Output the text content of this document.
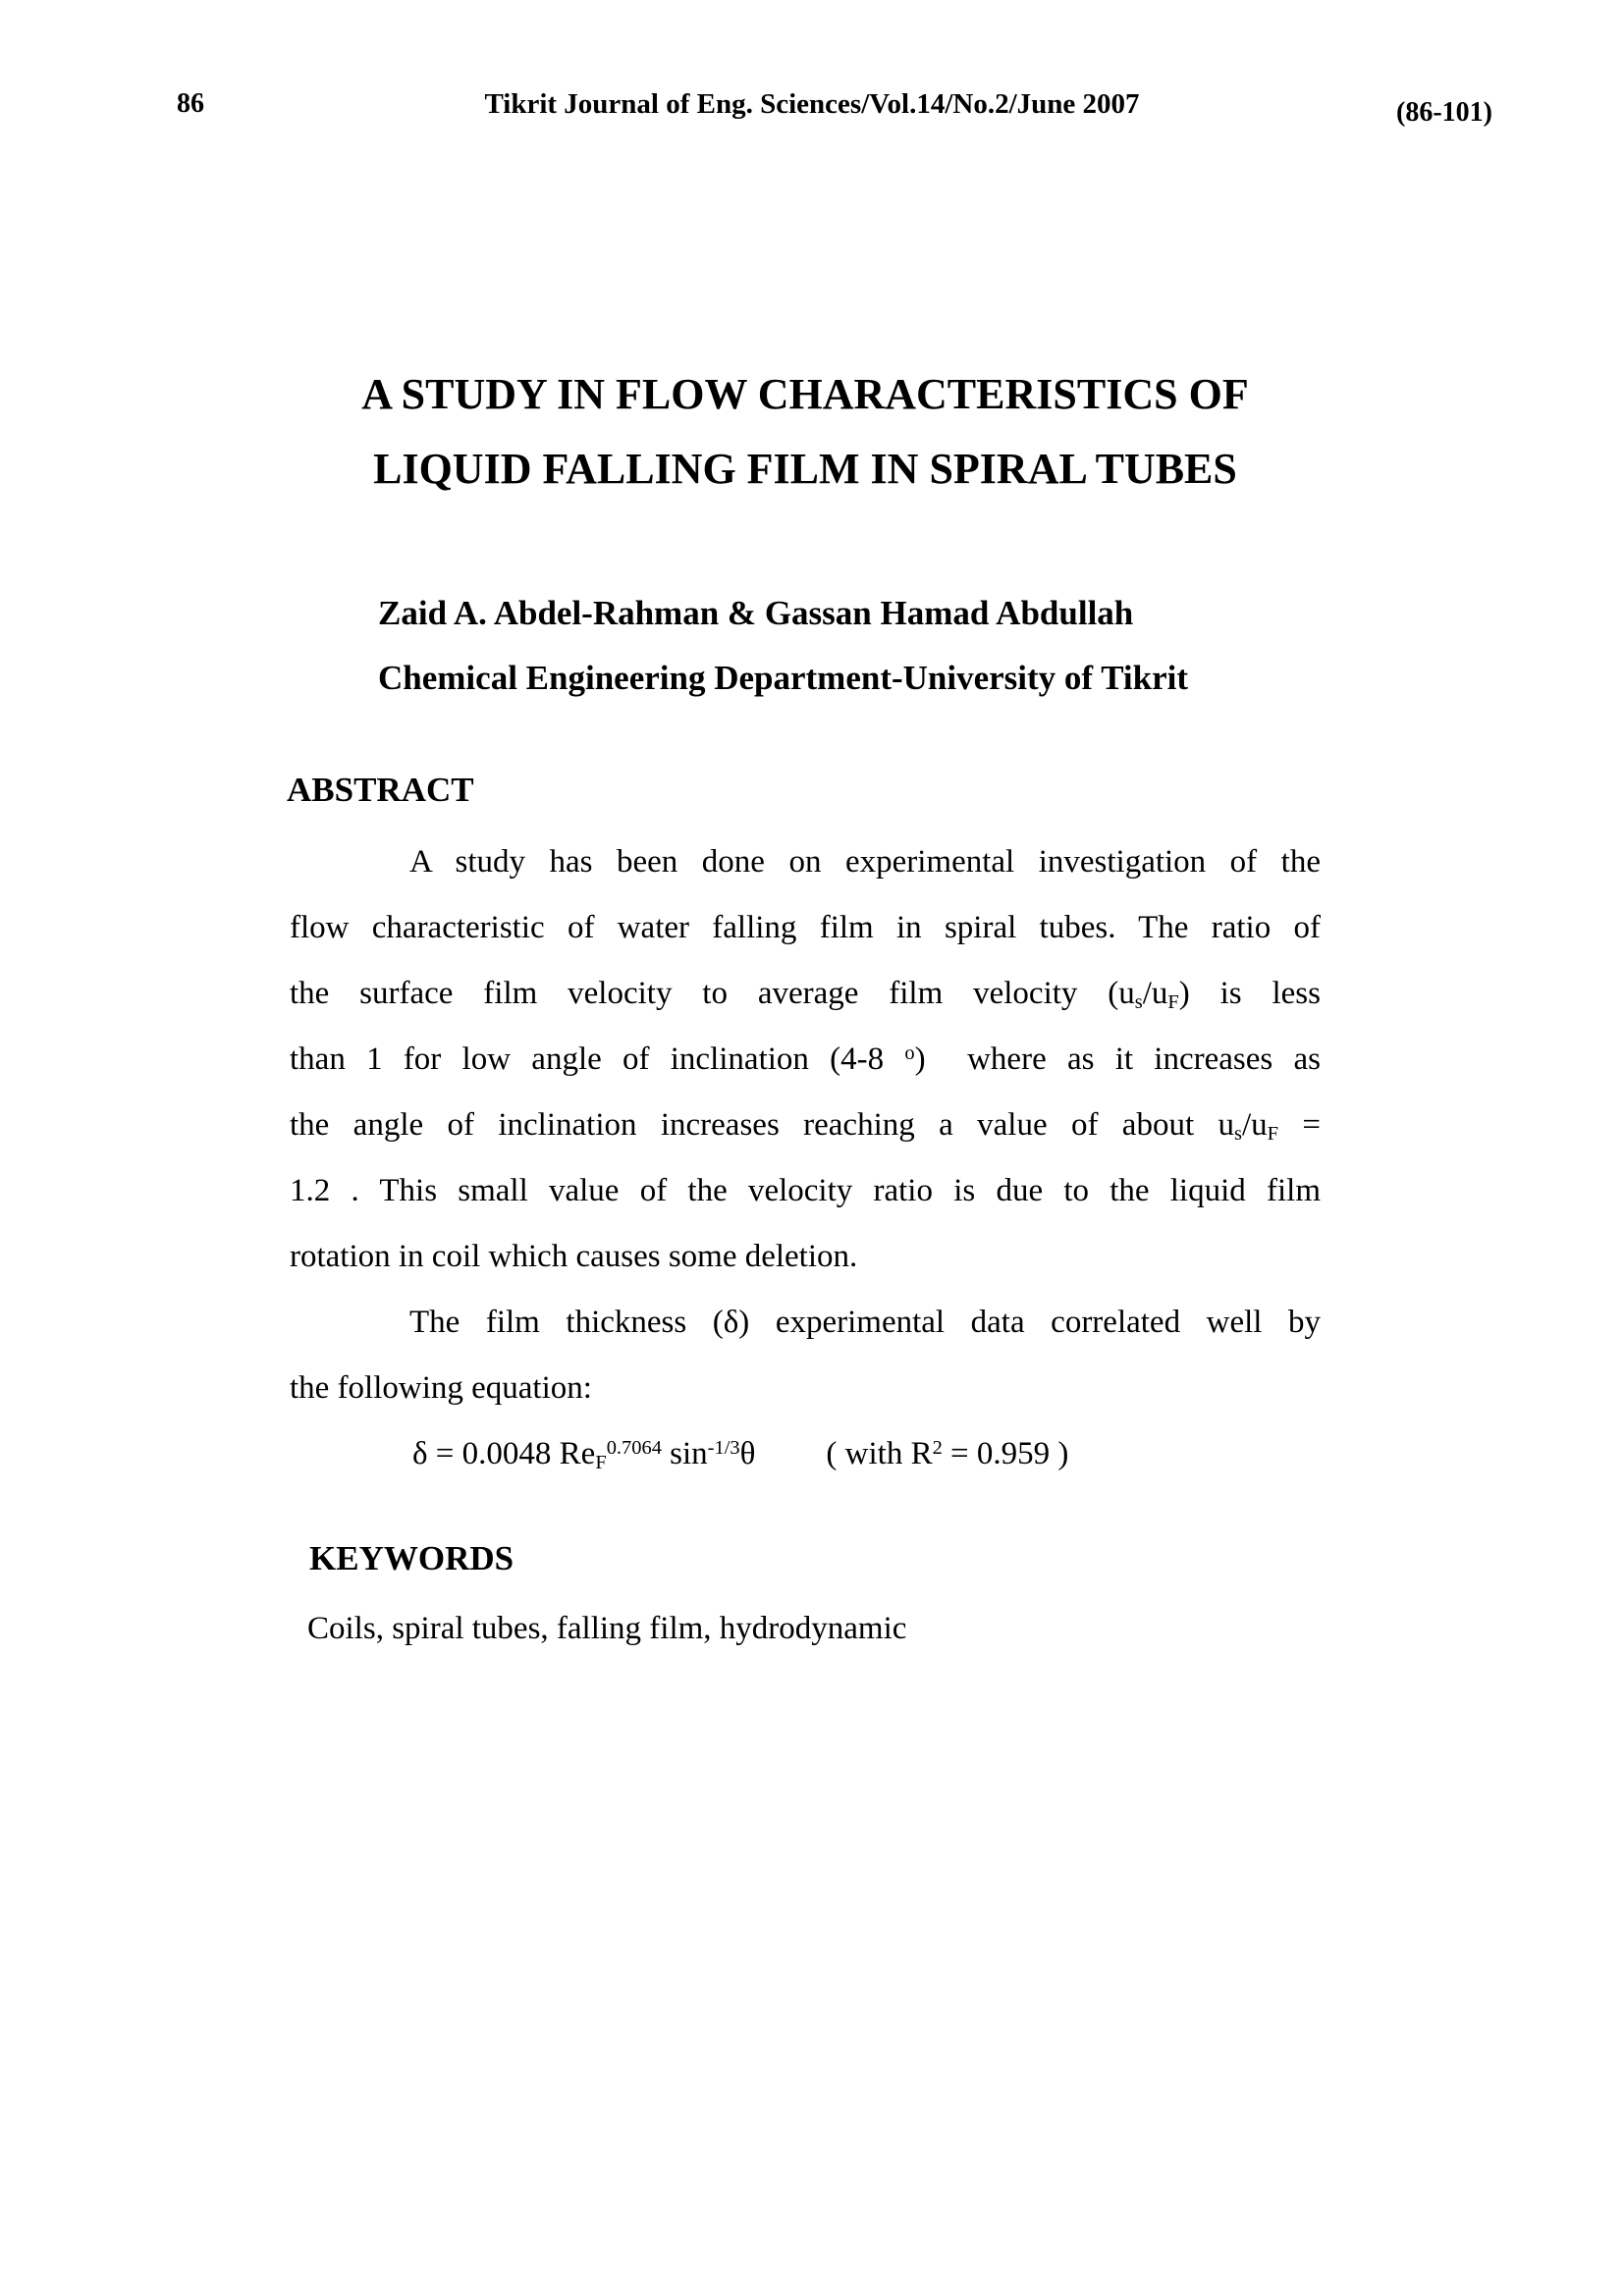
86	Tikrit Journal of Eng. Sciences/Vol.14/No.2/June 2007	(86-101)
A STUDY IN FLOW CHARACTERISTICS OF
LIQUID FALLING FILM IN SPIRAL TUBES
Zaid A. Abdel-Rahman & Gassan Hamad Abdullah
Chemical Engineering Department-University of Tikrit
ABSTRACT
A study has been done on experimental investigation of the
flow characteristic of water falling film in spiral tubes. The ratio of
the surface film velocity to average film velocity $(u_s/u_F)$ is less
than 1 for low angle of inclination (4-8 $^o$)  where as it increases as
the angle of inclination increases reaching a value of about $u_s/u_F$ =
1.2 . This small value of the velocity ratio is due to the liquid film
rotation in coil which causes some deletion.
The film thickness (δ) experimental data correlated well by
the following equation:
δ = 0.0048 $Re_F^{0.7064}$ $\sin^{-1/3}\theta$ ( with $R^2 = 0.959$ )
KEYWORDS
Coils, spiral tubes, falling film, hydrodynamic
